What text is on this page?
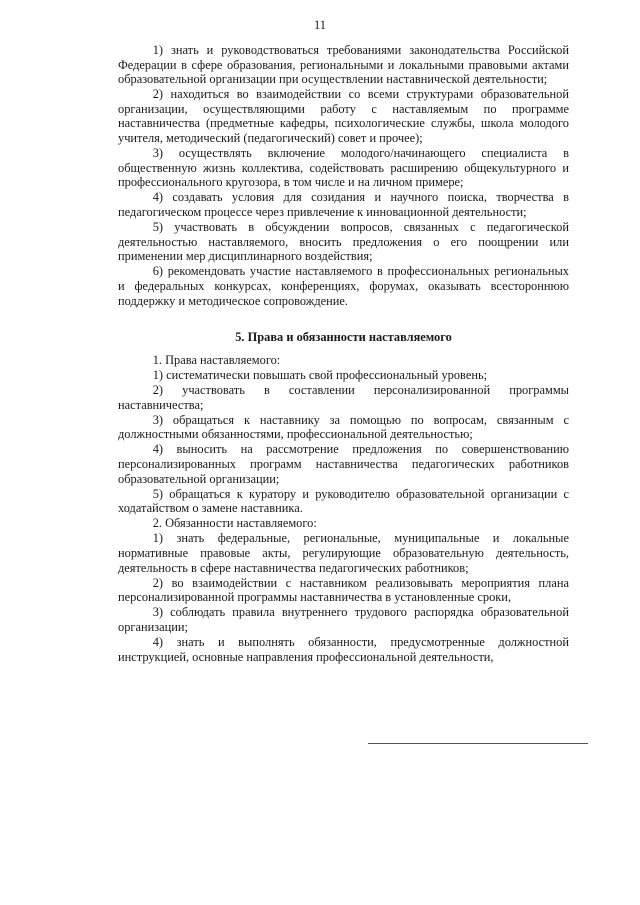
11

1) знать и руководствоваться требованиями законодательства Российской Федерации в сфере образования, региональными и локальными правовыми актами образовательной организации при осуществлении наставнической деятельности;

2) находиться во взаимодействии со всеми структурами образовательной организации, осуществляющими работу с наставляемым по программе наставничества (предметные кафедры, психологические службы, школа молодого учителя, методический (педагогический) совет и прочее);

3) осуществлять включение молодого/начинающего специалиста в общественную жизнь коллектива, содействовать расширению общекультурного и профессионального кругозора, в том числе и на личном примере;

4) создавать условия для созидания и научного поиска, творчества в педагогическом процессе через привлечение к инновационной деятельности;

5) участвовать в обсуждении вопросов, связанных с педагогической деятельностью наставляемого, вносить предложения о его поощрении или применении мер дисциплинарного воздействия;

6) рекомендовать участие наставляемого в профессиональных региональных и федеральных конкурсах, конференциях, форумах, оказывать всестороннюю поддержку и методическое сопровождение.

5. Права и обязанности наставляемого

1. Права наставляемого:

1) систематически повышать свой профессиональный уровень;

2) участвовать в составлении персонализированной программы наставничества;

3) обращаться к наставнику за помощью по вопросам, связанным с должностными обязанностями, профессиональной деятельностью;

4) выносить на рассмотрение предложения по совершенствованию персонализированных программ наставничества педагогических работников образовательной организации;

5) обращаться к куратору и руководителю образовательной организации с ходатайством о замене наставника.

2. Обязанности наставляемого:

1) знать федеральные, региональные, муниципальные и локальные нормативные правовые акты, регулирующие образовательную деятельность, деятельность в сфере наставничества педагогических работников;

2) во взаимодействии с наставником реализовывать мероприятия плана персонализированной программы наставничества в установленные сроки,

3) соблюдать правила внутреннего трудового распорядка образовательной организации;

4) знать и выполнять обязанности, предусмотренные должностной инструкцией, основные направления профессиональной деятельности,
